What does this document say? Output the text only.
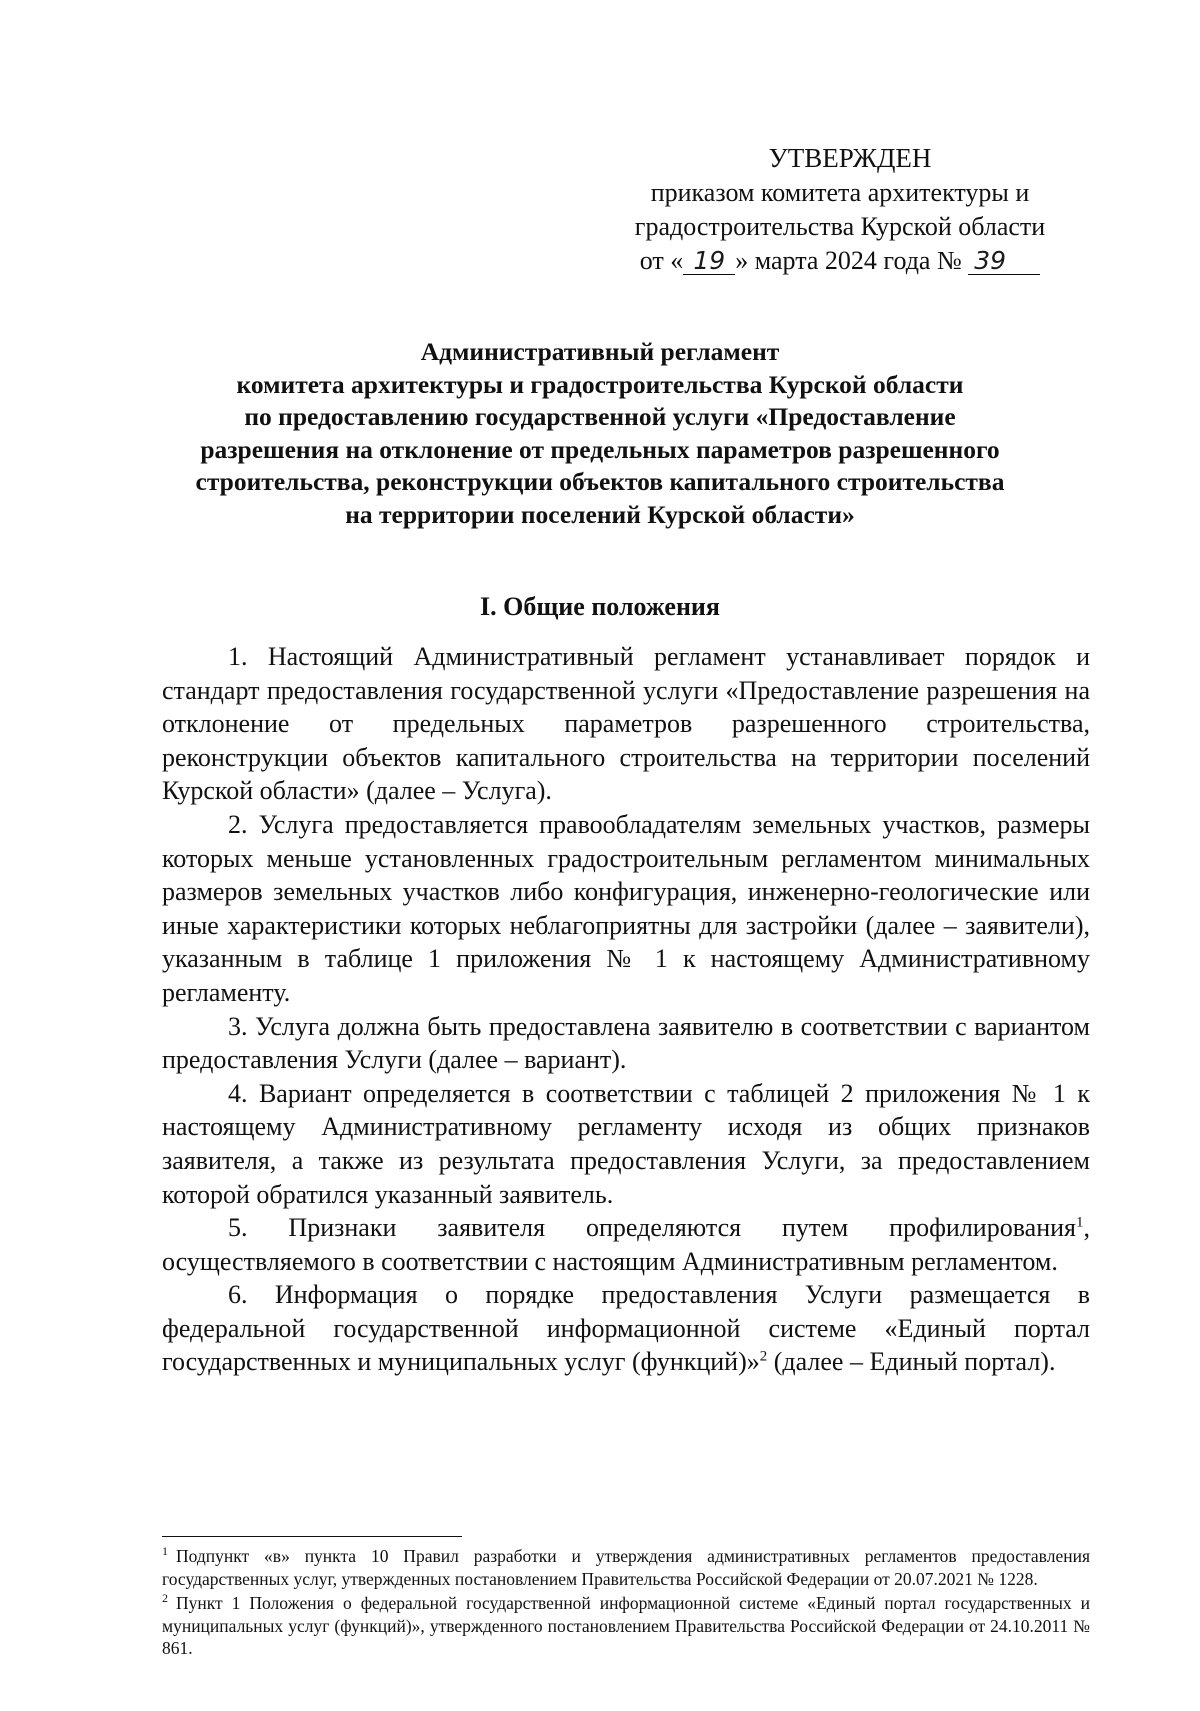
УТВЕРЖДЕН
приказом комитета архитектуры и
градостроительства Курской области
от « 19 » марта 2024 года № 39
Административный регламент
комитета архитектуры и градостроительства Курской области
по предоставлению государственной услуги «Предоставление
разрешения на отклонение от предельных параметров разрешенного
строительства, реконструкции объектов капитального строительства
на территории поселений Курской области»
I. Общие положения

1. Настоящий Административный регламент устанавливает порядок и стандарт предоставления государственной услуги «Предоставление разрешения на отклонение от предельных параметров разрешенного строительства, реконструкции объектов капитального строительства на территории поселений Курской области» (далее – Услуга).

2. Услуга предоставляется правообладателям земельных участков, размеры которых меньше установленных градостроительным регламентом минимальных размеров земельных участков либо конфигурация, инженерно-геологические или иные характеристики которых неблагоприятны для застройки (далее – заявители), указанным в таблице 1 приложения № 1 к настоящему Административному регламенту.

3. Услуга должна быть предоставлена заявителю в соответствии с вариантом предоставления Услуги (далее – вариант).

4. Вариант определяется в соответствии с таблицей 2 приложения № 1 к настоящему Административному регламенту исходя из общих признаков заявителя, а также из результата предоставления Услуги, за предоставлением которой обратился указанный заявитель.

5. Признаки заявителя определяются путем профилирования$^1$, осуществляемого в соответствии с настоящим Административным регламентом.

6. Информация о порядке предоставления Услуги размещается в федеральной государственной информационной системе «Единый портал государственных и муниципальных услуг (функций)»$^2$ (далее – Единый портал).

$^1$ Подпункт «в» пункта 10 Правил разработки и утверждения административных регламентов предоставления государственных услуг, утвержденных постановлением Правительства Российской Федерации от 20.07.2021 № 1228.

$^2$ Пункт 1 Положения о федеральной государственной информационной системе «Единый портал государственных и муниципальных услуг (функций)», утвержденного постановлением Правительства Российской Федерации от 24.10.2011 № 861.
